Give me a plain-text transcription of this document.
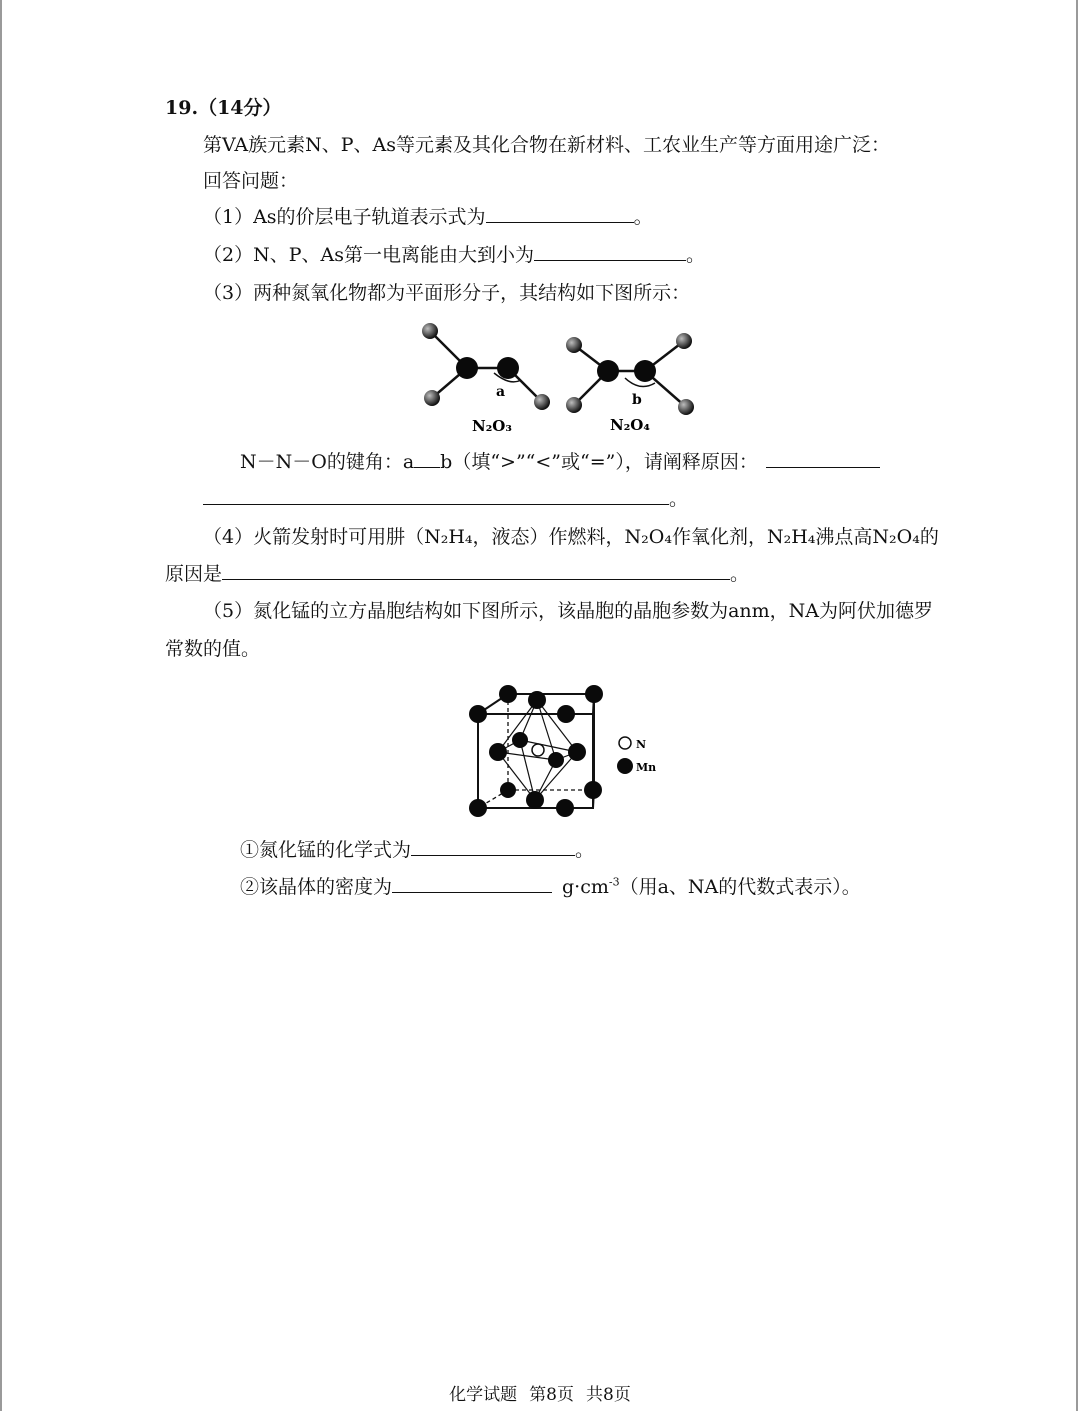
19.（14分）
第VA族元素N、P、As等元素及其化合物在新材料、工农业生产等方面用途广泛：
回答问题：
（1）As的价层电子轨道表示式为	。
（2）N、P、As第一电离能由大到小为	。
（3）两种氮氧化物都为平面形分子，其结构如下图所示：
a	b
N₂O₃	N₂O₄
N－N－O的键角：a b（填“>”“<”或“=”），请阐释原因：
。
（4）火箭发射时可用肼（N₂H₄，液态）作燃料，N₂O₄作氧化剂，N₂H₄沸点高N₂O₄的
原因是	。
（5）氮化锰的立方晶胞结构如下图所示，该晶胞的晶胞参数为anm，NA为阿伏加德罗
常数的值。
N
Mn
①氮化锰的化学式为	。
②该晶体的密度为	$g\cdot cm^{-3}$（用a、NA的代数式表示）。
化学试题 第8页 共8页
